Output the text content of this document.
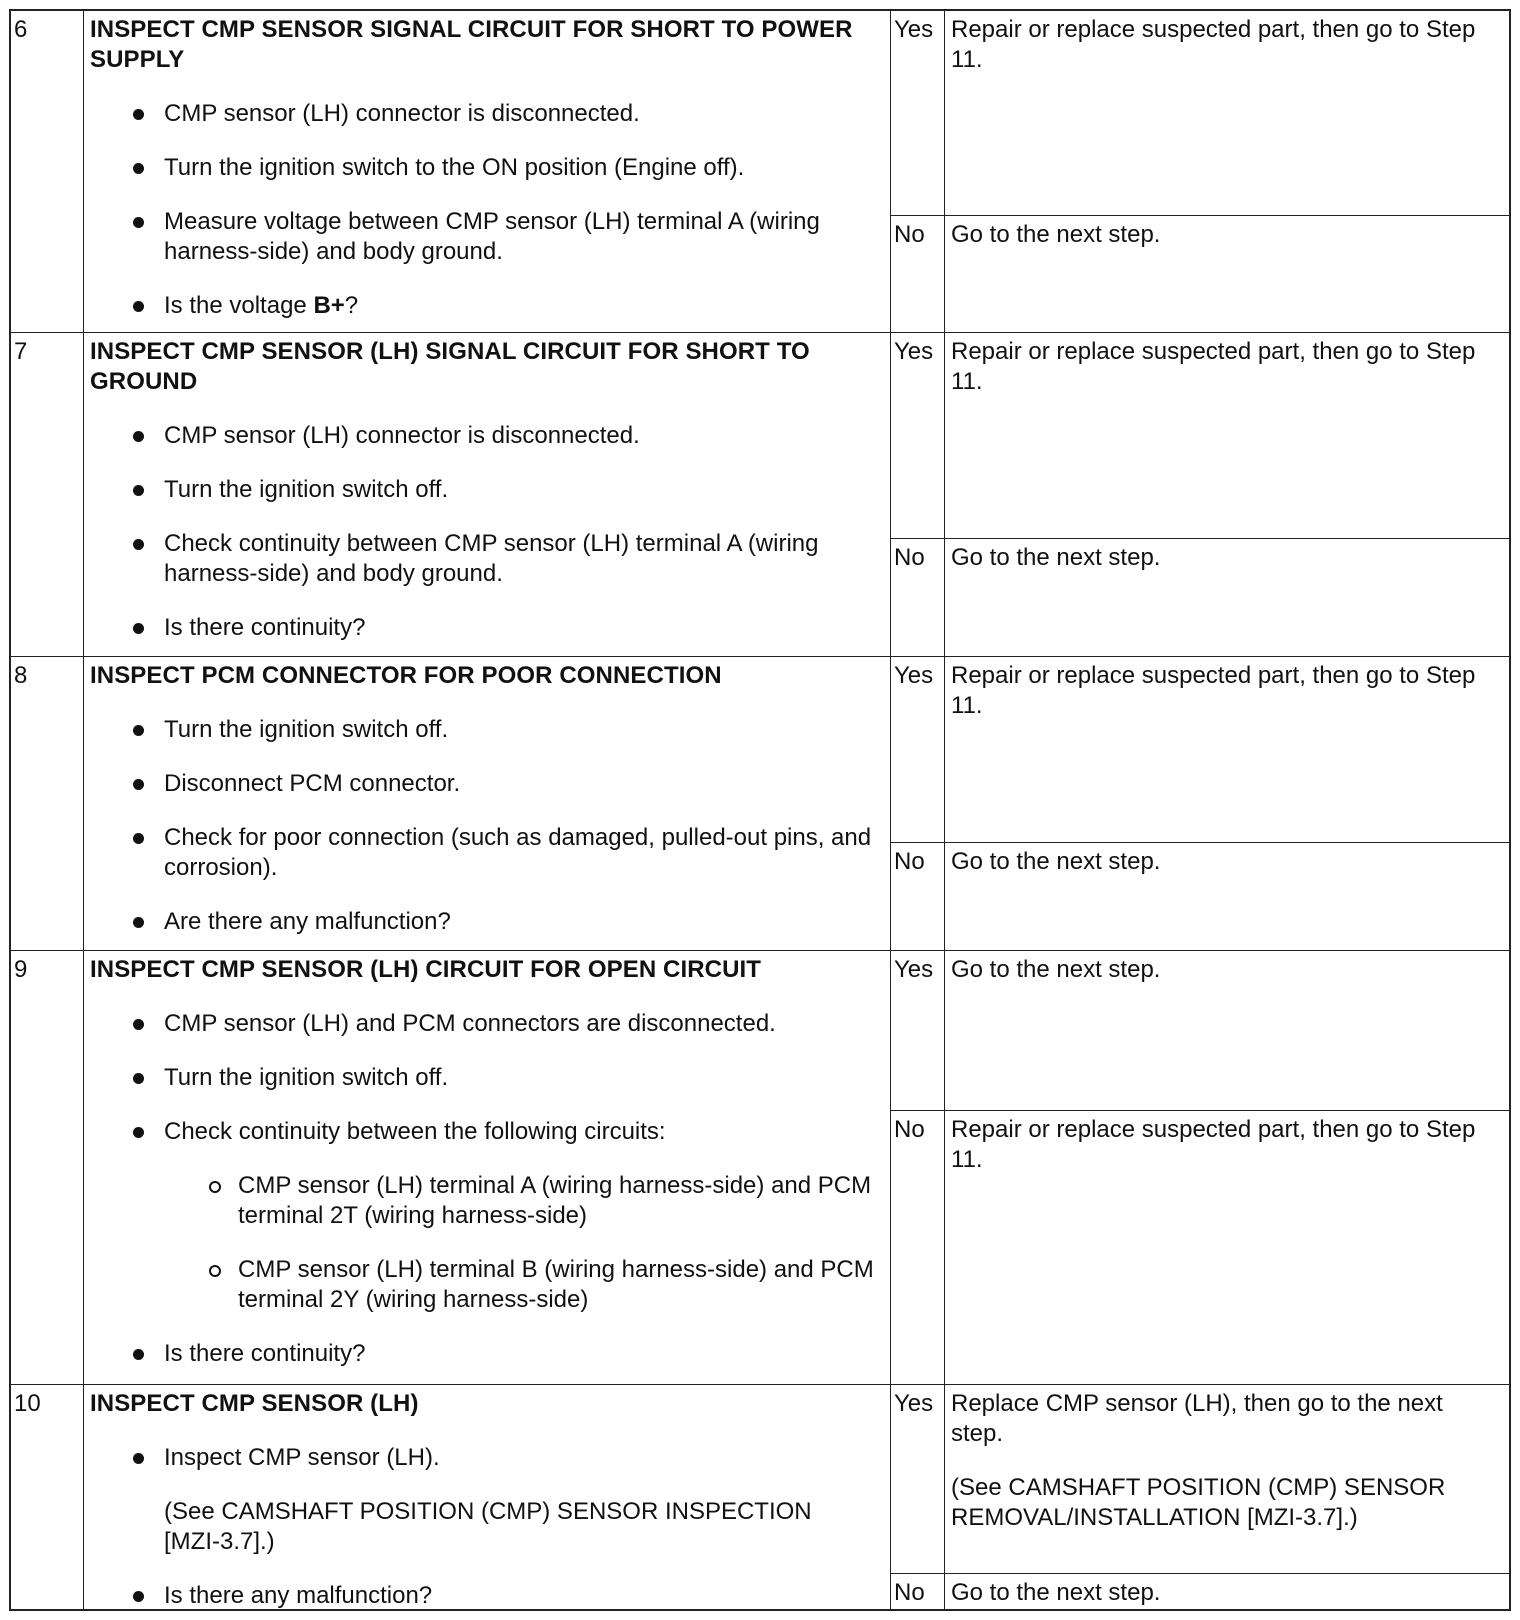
6	INSPECT CMP SENSOR SIGNAL CIRCUIT FOR SHORT TO POWER SUPPLY
CMP sensor (LH) connector is disconnected.
Turn the ignition switch to the ON position (Engine off).
Measure voltage between CMP sensor (LH) terminal A (wiring harness-side) and body ground.
Is the voltage B+?
Yes Repair or replace suspected part, then go to Step 11.

No	Go to the next step.

7	INSPECT CMP SENSOR (LH) SIGNAL CIRCUIT FOR SHORT TO GROUND
CMP sensor (LH) connector is disconnected.
Turn the ignition switch off.
Check continuity between CMP sensor (LH) terminal A (wiring harness-side) and body ground.
Is there continuity?
Yes Repair or replace suspected part, then go to Step 11.

No	Go to the next step.

8	INSPECT PCM CONNECTOR FOR POOR CONNECTION
Turn the ignition switch off.
Disconnect PCM connector.
Check for poor connection (such as damaged, pulled-out pins, and corrosion).
Are there any malfunction?
Yes Repair or replace suspected part, then go to Step 11.

No	Go to the next step.

9	INSPECT CMP SENSOR (LH) CIRCUIT FOR OPEN CIRCUIT
CMP sensor (LH) and PCM connectors are disconnected.
Turn the ignition switch off.
Check continuity between the following circuits:
CMP sensor (LH) terminal A (wiring harness-side) and PCM terminal 2T (wiring harness-side)
CMP sensor (LH) terminal B (wiring harness-side) and PCM terminal 2Y (wiring harness-side)
Is there continuity?
Yes Go to the next step.

No	Repair or replace suspected part, then go to Step 11.

10	INSPECT CMP SENSOR (LH)
Inspect CMP sensor (LH).
(See CAMSHAFT POSITION (CMP) SENSOR INSPECTION [MZI-3.7].)
Is there any malfunction?
Yes Replace CMP sensor (LH), then go to the next step.

(See CAMSHAFT POSITION (CMP) SENSOR REMOVAL/INSTALLATION [MZI-3.7].)

No	Go to the next step.
